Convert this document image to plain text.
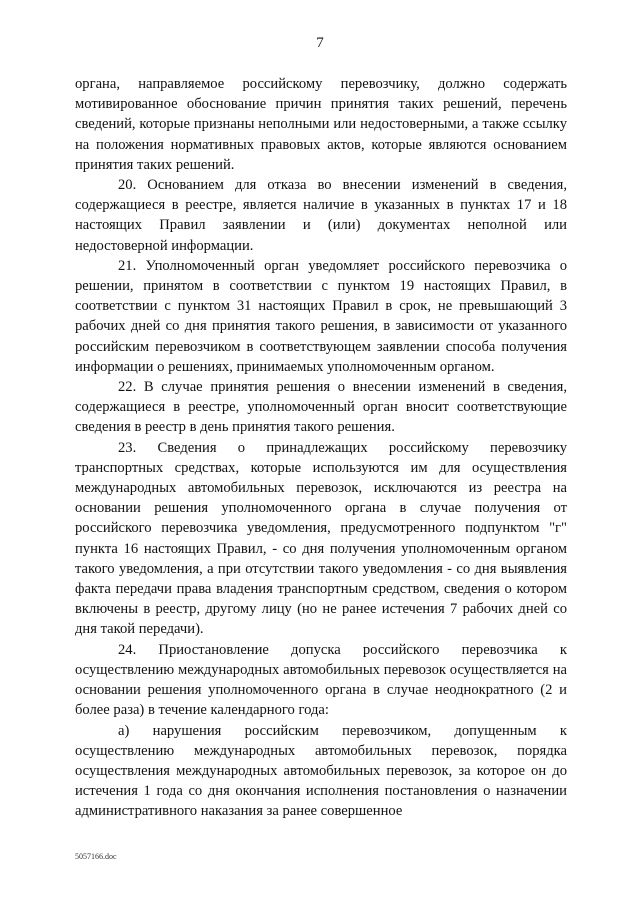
7

органа, направляемое российскому перевозчику, должно содержать мотивированное обоснование причин принятия таких решений, перечень сведений, которые признаны неполными или недостоверными, а также ссылку на положения нормативных правовых актов, которые являются основанием принятия таких решений.

20. Основанием для отказа во внесении изменений в сведения, содержащиеся в реестре, является наличие в указанных в пунктах 17 и 18 настоящих Правил заявлении и (или) документах неполной или недостоверной информации.

21. Уполномоченный орган уведомляет российского перевозчика о решении, принятом в соответствии с пунктом 19 настоящих Правил, в соответствии с пунктом 31 настоящих Правил в срок, не превышающий 3 рабочих дней со дня принятия такого решения, в зависимости от указанного российским перевозчиком в соответствующем заявлении способа получения информации о решениях, принимаемых уполномоченным органом.

22. В случае принятия решения о внесении изменений в сведения, содержащиеся в реестре, уполномоченный орган вносит соответствующие сведения в реестр в день принятия такого решения.

23. Сведения о принадлежащих российскому перевозчику транспортных средствах, которые используются им для осуществления международных автомобильных перевозок, исключаются из реестра на основании решения уполномоченного органа в случае получения от российского перевозчика уведомления, предусмотренного подпунктом "г" пункта 16 настоящих Правил, - со дня получения уполномоченным органом такого уведомления, а при отсутствии такого уведомления - со дня выявления факта передачи права владения транспортным средством, сведения о котором включены в реестр, другому лицу (но не ранее истечения 7 рабочих дней со дня такой передачи).

24. Приостановление допуска российского перевозчика к осуществлению международных автомобильных перевозок осуществляется на основании решения уполномоченного органа в случае неоднократного (2 и более раза) в течение календарного года:

а) нарушения российским перевозчиком, допущенным к осуществлению международных автомобильных перевозок, порядка осуществления международных автомобильных перевозок, за которое он до истечения 1 года со дня окончания исполнения постановления о назначении административного наказания за ранее совершенное

5057166.doc
